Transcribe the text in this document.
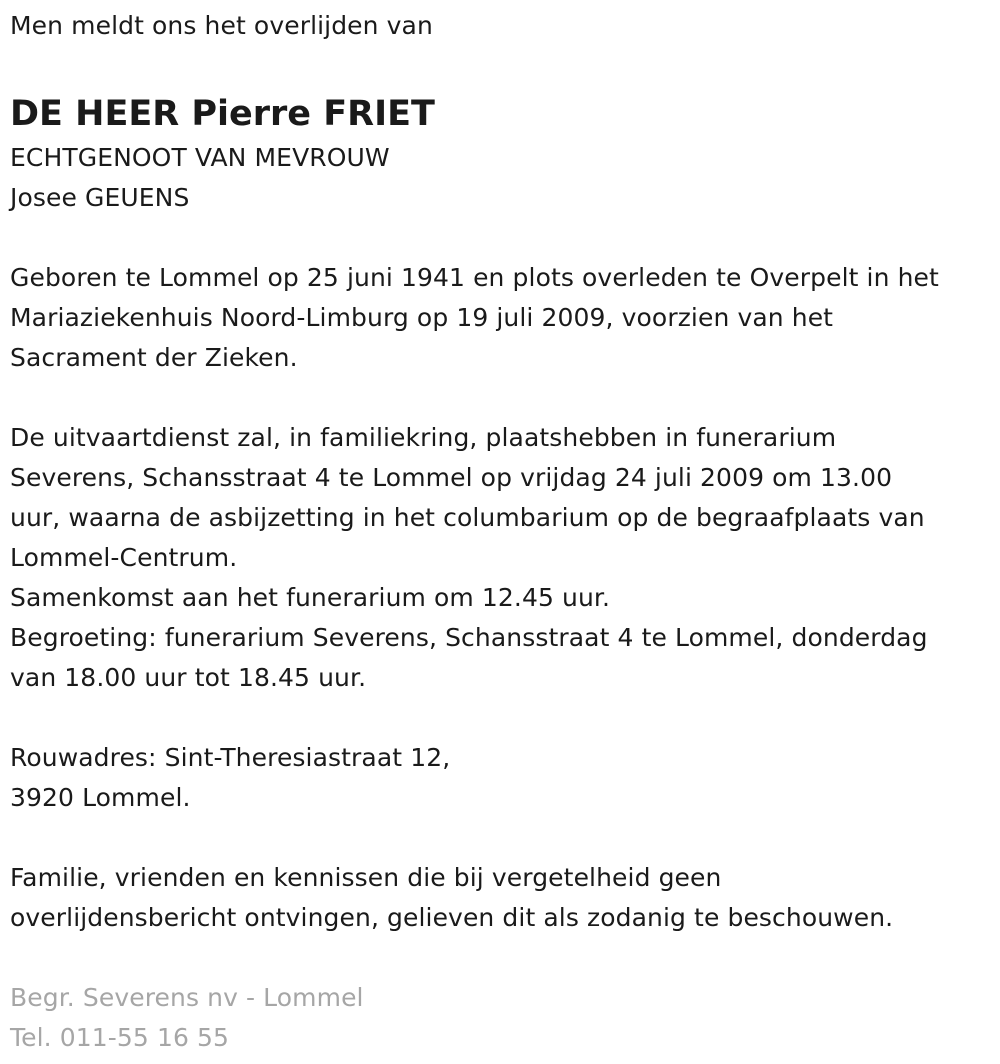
Men meldt ons het overlijden van
DE HEER Pierre FRIET
ECHTGENOOT VAN MEVROUW
Josee GEUENS
Geboren te Lommel op 25 juni 1941 en plots overleden te Overpelt in het
Mariaziekenhuis Noord-Limburg op 19 juli 2009, voorzien van het
Sacrament der Zieken.
De uitvaartdienst zal, in familiekring, plaatshebben in funerarium
Severens, Schansstraat 4 te Lommel op vrijdag 24 juli 2009 om 13.00
uur, waarna de asbijzetting in het columbarium op de begraafplaats van
Lommel-Centrum.
Samenkomst aan het funerarium om 12.45 uur.
Begroeting: funerarium Severens, Schansstraat 4 te Lommel, donderdag
van 18.00 uur tot 18.45 uur.
Rouwadres: Sint-Theresiastraat 12,
3920 Lommel.
Familie, vrienden en kennissen die bij vergetelheid geen
overlijdensbericht ontvingen, gelieven dit als zodanig te beschouwen.
Begr. Severens nv - Lommel
Tel. 011-55 16 55
